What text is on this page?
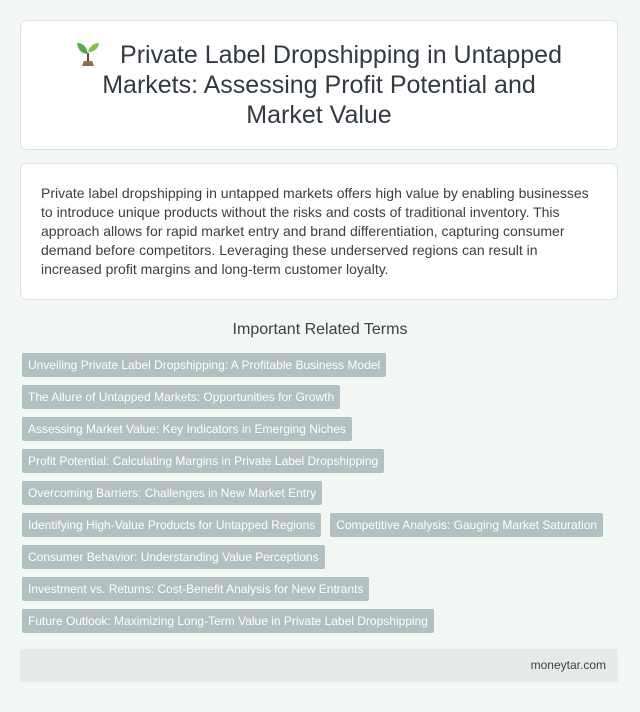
Private Label Dropshipping in Untapped Markets: Assessing Profit Potential and Market Value

Private label dropshipping in untapped markets offers high value by enabling businesses to introduce unique products without the risks and costs of traditional inventory. This approach allows for rapid market entry and brand differentiation, capturing consumer demand before competitors. Leveraging these underserved regions can result in increased profit margins and long-term customer loyalty.

Important Related Terms
Unveiling Private Label Dropshipping: A Profitable Business Model
The Allure of Untapped Markets: Opportunities for Growth
Assessing Market Value: Key Indicators in Emerging Niches
Profit Potential: Calculating Margins in Private Label Dropshipping
Overcoming Barriers: Challenges in New Market Entry
Identifying High-Value Products for Untapped Regions	Competitive Analysis: Gauging Market Saturation
Consumer Behavior: Understanding Value Perceptions
Investment vs. Returns: Cost-Benefit Analysis for New Entrants
Future Outlook: Maximizing Long-Term Value in Private Label Dropshipping
moneytar.com
